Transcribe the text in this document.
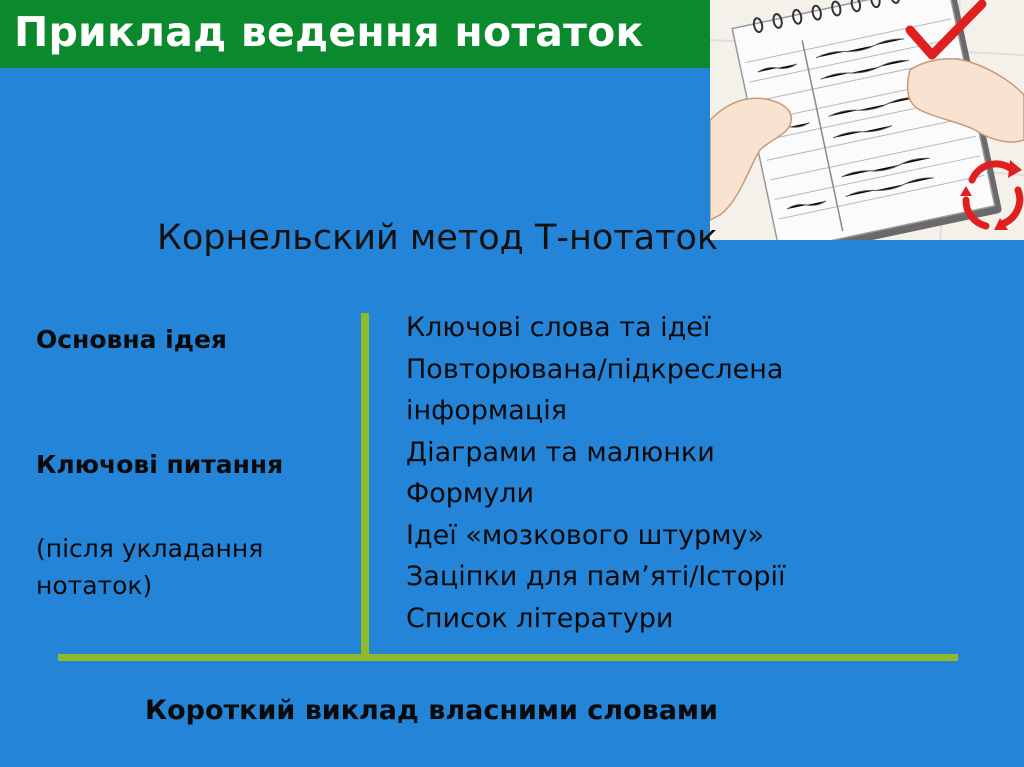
Приклад ведення нотаток
Корнельский метод Т-нотаток
Основна ідея
Ключові питання
(після укладання
нотаток)
Ключові слова та ідеї
Повторювана/підкреслена
інформація
Діаграми та малюнки
Формули
Ідеї «мозкового штурму»
Зацiпки для пам’яті/Історії
Список літератури
Короткий виклад власними словами
